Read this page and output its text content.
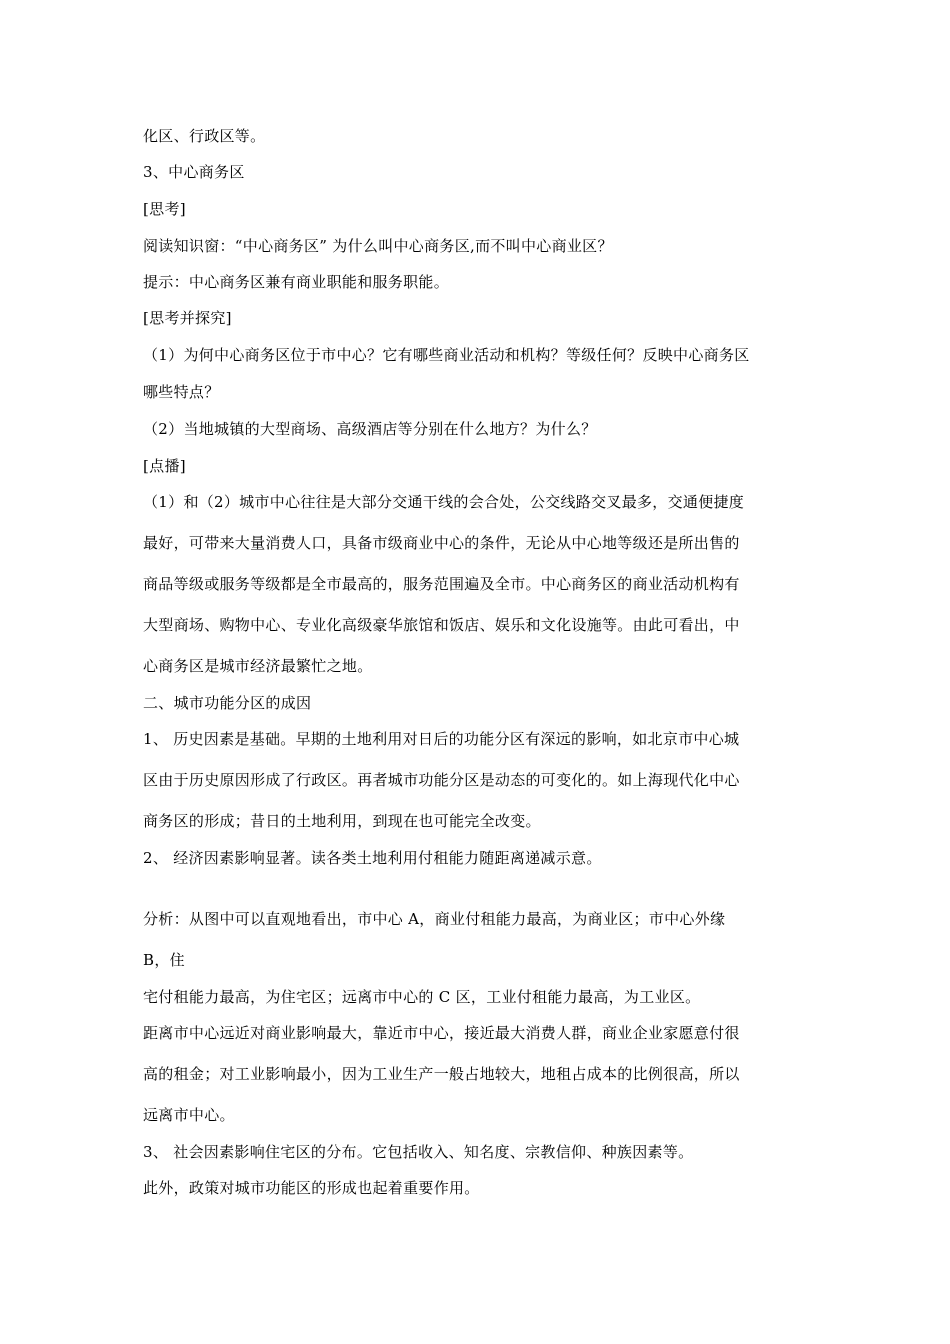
化区、行政区等。
3、中心商务区
[思考]
阅读知识窗：“中心商务区” 为什么叫中心商务区,而不叫中心商业区？
提示：中心商务区兼有商业职能和服务职能。
[思考并探究]
（1）为何中心商务区位于市中心？它有哪些商业活动和机构？等级任何？反映中心商务区
哪些特点？
（2）当地城镇的大型商场、高级酒店等分别在什么地方？为什么？
[点播]
（1）和（2）城市中心往往是大部分交通干线的会合处，公交线路交叉最多，交通便捷度
最好，可带来大量消费人口，具备市级商业中心的条件，无论从中心地等级还是所出售的
商品等级或服务等级都是全市最高的，服务范围遍及全市。中心商务区的商业活动机构有
大型商场、购物中心、专业化高级豪华旅馆和饭店、娱乐和文化设施等。由此可看出，中
心商务区是城市经济最繁忙之地。
二、城市功能分区的成因
1、 历史因素是基础。早期的土地利用对日后的功能分区有深远的影响，如北京市中心城
区由于历史原因形成了行政区。再者城市功能分区是动态的可变化的。如上海现代化中心
商务区的形成；昔日的土地利用，到现在也可能完全改变。
2、 经济因素影响显著。读各类土地利用付租能力随距离递减示意。
分析：从图中可以直观地看出，市中心 A，商业付租能力最高，为商业区；市中心外缘
B，住
宅付租能力最高，为住宅区；远离市中心的 C 区，工业付租能力最高，为工业区。
距离市中心远近对商业影响最大，靠近市中心，接近最大消费人群，商业企业家愿意付很
高的租金；对工业影响最小，因为工业生产一般占地较大，地租占成本的比例很高，所以
远离市中心。
3、 社会因素影响住宅区的分布。它包括收入、知名度、宗教信仰、种族因素等。
此外，政策对城市功能区的形成也起着重要作用。
